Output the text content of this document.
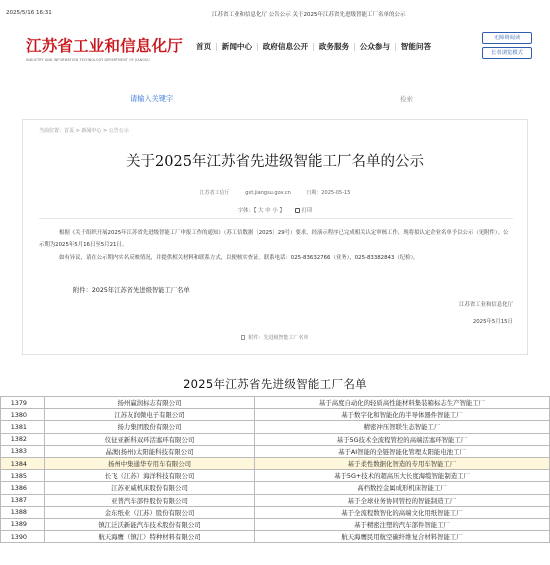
2025/5/16 16:31	江苏省工业和信息化厅 公告公示 关于2025年江苏省先进级智能工厂名单的公示
江苏省工业和信息化厅
INDUSTRY AND INFORMATION TECHNOLOGY DEPARTMENT OF JIANGSU
首页 | 新闻中心 | 政府信息公开 | 政务服务 | 公众参与 | 智能问答
无障碍阅读
长者浏览模式
请输入关键字
检索
当前位置：首页 > 新闻中心 > 公告公示
关于2025年江苏省先进级智能工厂名单的公示
江苏省工信厅	gxt.jiangsu.gov.cn	日期：2025-05-15
字体：【 大 中 小 】	打印
根据《关于组织开展2025年江苏省先进级智能工厂申报工作的通知》（苏工信数据〔2025〕29号）要求，经演示程序已完成相关认定审核工作，现将拟认定企业名单予以公示（见附件）。公示期为2025年5月16日至5月21日。
如有异议，请在公示期内实名反映情况，并提供相关材料和联系方式，以便核实查证。联系电话：025-83632766（业务），025-83382843（纪检）。
附件：2025年江苏省先进级智能工厂名单
江苏省工业和信息化厅
2025年5月15日
附件：先进级智能工厂名单
2025年江苏省先进级智能工厂名单
1379	扬州赢润标志有限公司	基于高度自动化的轻质高性能材料集装箱标志生产智能工厂
1380	江苏友润微电子有限公司	基于数字化和智能化的半导体器件智能工厂
1381	扬力集团股份有限公司	精密冲压智联生态智能工厂
1382	仪征亚新科双环活塞环有限公司	基于5G技术全流程管控的高端活塞环智能工厂
1383	晶澳(扬州)太阳能科技有限公司	基于AI智能的全链智能化管理太阳能电池工厂
1384	扬州中集通华专用车有限公司	基于柔性数据化智造的专用车智能工厂
1385	长飞（江苏）海洋科技有限公司	基于5G+技术的超高压大长度海缆智能制造工厂
1386	江苏亚威机床股份有限公司	高档数控金属成形机床智能工厂
1387	亚普汽车部件股份有限公司	基于全球业务协同管控的智能制造工厂
1388	金东纸业（江苏）股份有限公司	基于全流程数智化的高端文化用纸智能工厂
1389	镇江泛沃新能汽车技术股份有限公司	基于精密注塑的汽车部件智能工厂
1390	航天海鹰（镇江）特种材料有限公司	航天海鹰民用航空碳纤维复合材料智能工厂
